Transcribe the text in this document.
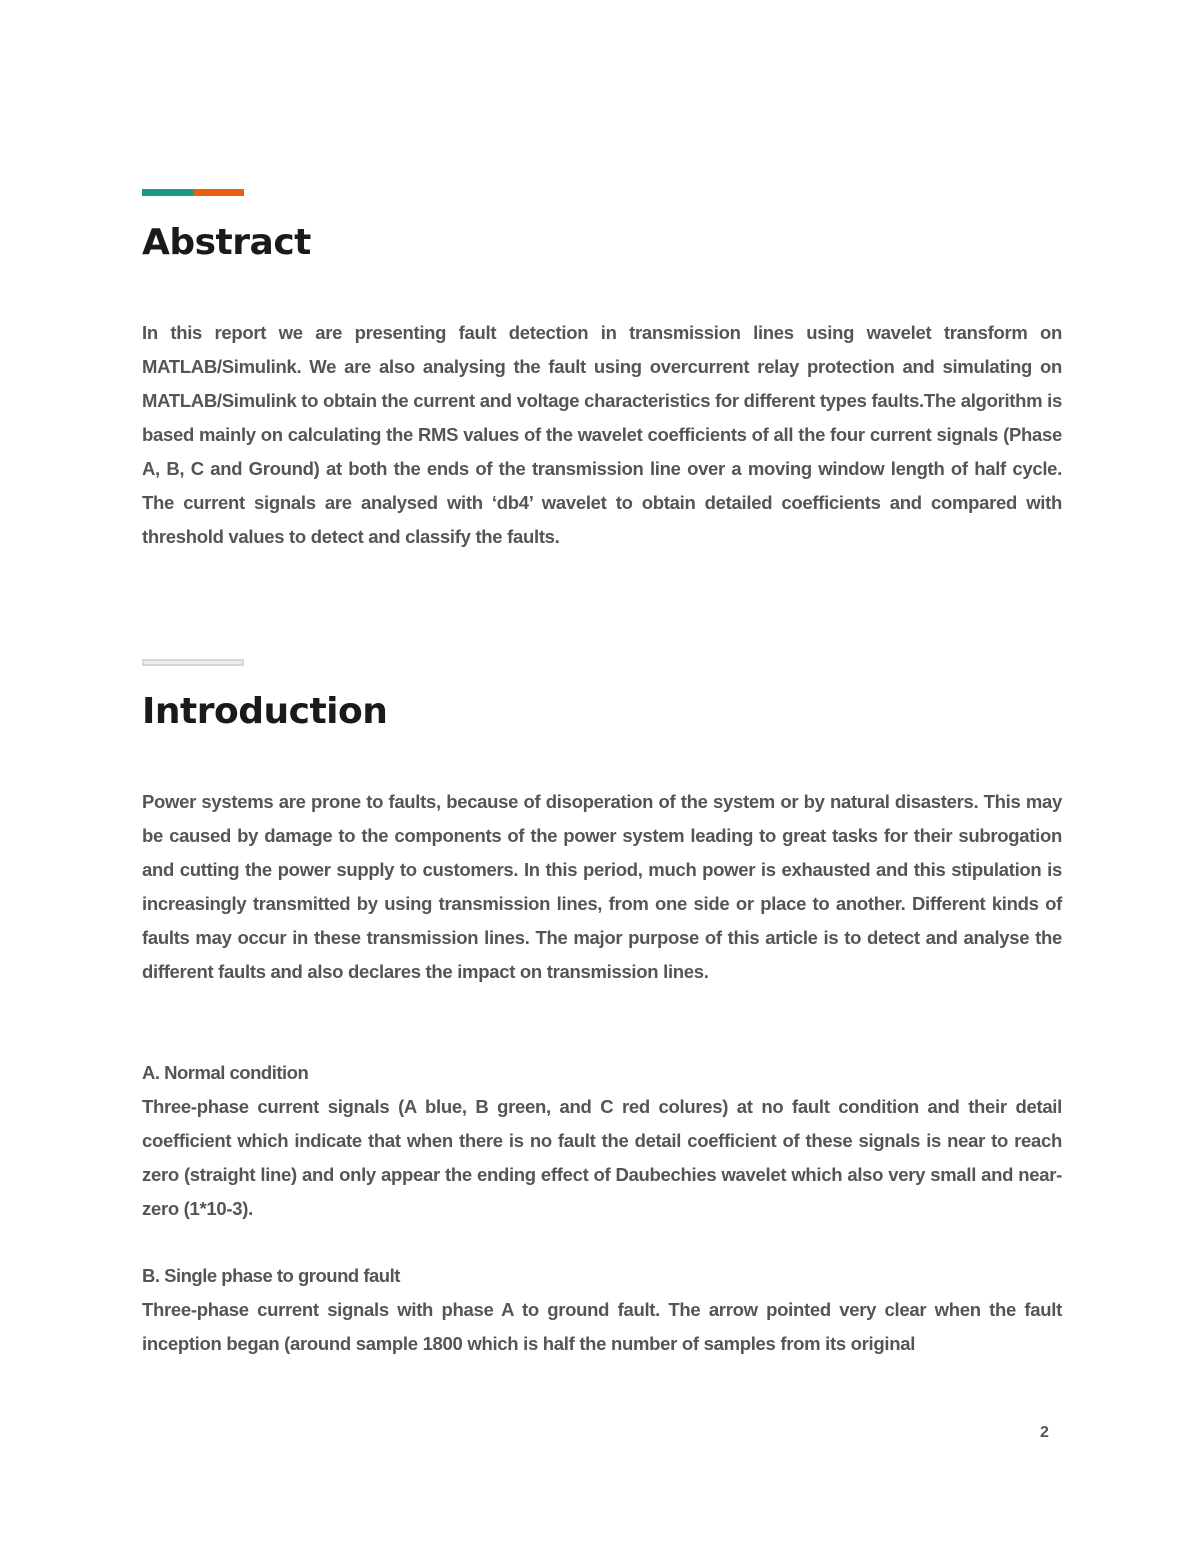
Abstract

In this report we are presenting fault detection in transmission lines using wavelet transform on MATLAB/Simulink. We are also analysing the fault using overcurrent relay protection and simulating on MATLAB/Simulink to obtain the current and voltage characteristics for different types faults.The algorithm is based mainly on calculating the RMS values of the wavelet coefficients of all the four current signals (Phase A, B, C and Ground) at both the ends of the transmission line over a moving window length of half cycle. The current signals are analysed with ‘db4’ wavelet to obtain detailed coefficients and compared with threshold values to detect and classify the faults.

Introduction

Power systems are prone to faults, because of disoperation of the system or by natural disasters. This may be caused by damage to the components of the power system leading to great tasks for their subrogation and cutting the power supply to customers. In this period, much power is exhausted and this stipulation is increasingly transmitted by using transmission lines, from one side or place to another. Different kinds of faults may occur in these transmission lines. The major purpose of this article is to detect and analyse the different faults and also declares the impact on transmission lines.

A. Normal condition

Three-phase current signals (A blue, B green, and C red colures) at no fault condition and their detail coefficient which indicate that when there is no fault the detail coefficient of these signals is near to reach zero (straight line) and only appear the ending effect of Daubechies wavelet which also very small and near-zero (1*10-3).

B. Single phase to ground fault

Three-phase current signals with phase A to ground fault. The arrow pointed very clear when the fault inception began (around sample 1800 which is half the number of samples from its original

2
